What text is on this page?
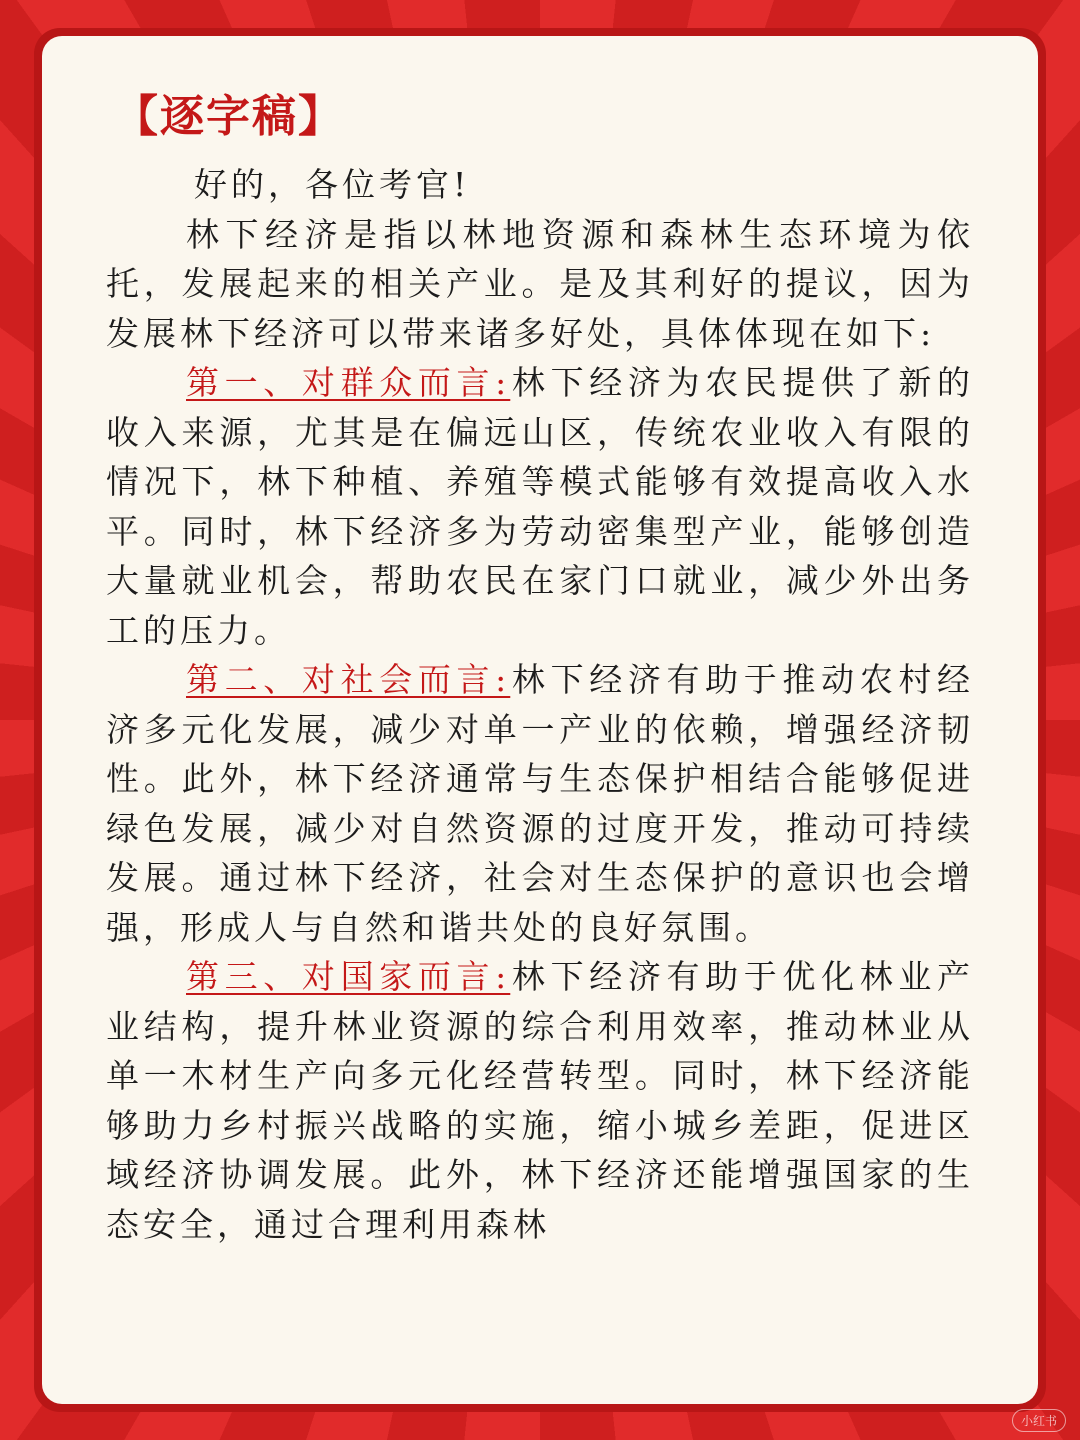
【逐字稿】

好的，各位考官!

林下经济是指以林地资源和森林生态环境为依托，发展起来的相关产业。是及其利好的提议，因为发展林下经济可以带来诸多好处，具体体现在如下:

第一、对群众而言:林下经济为农民提供了新的收入来源，尤其是在偏远山区，传统农业收入有限的情况下，林下种植、养殖等模式能够有效提高收入水平。同时，林下经济多为劳动密集型产业，能够创造大量就业机会，帮助农民在家门口就业，减少外出务工的压力。

第二、对社会而言:林下经济有助于推动农村经济多元化发展，减少对单一产业的依赖，增强经济韧性。此外，林下经济通常与生态保护相结合能够促进绿色发展，减少对自然资源的过度开发，推动可持续发展。通过林下经济，社会对生态保护的意识也会增强，形成人与自然和谐共处的良好氛围。

第三、对国家而言:林下经济有助于优化林业产业结构，提升林业资源的综合利用效率，推动林业从单一木材生产向多元化经营转型。同时，林下经济能够助力乡村振兴战略的实施，缩小城乡差距，促进区域经济协调发展。此外，林下经济还能增强国家的生态安全，通过合理利用森林

小红书
